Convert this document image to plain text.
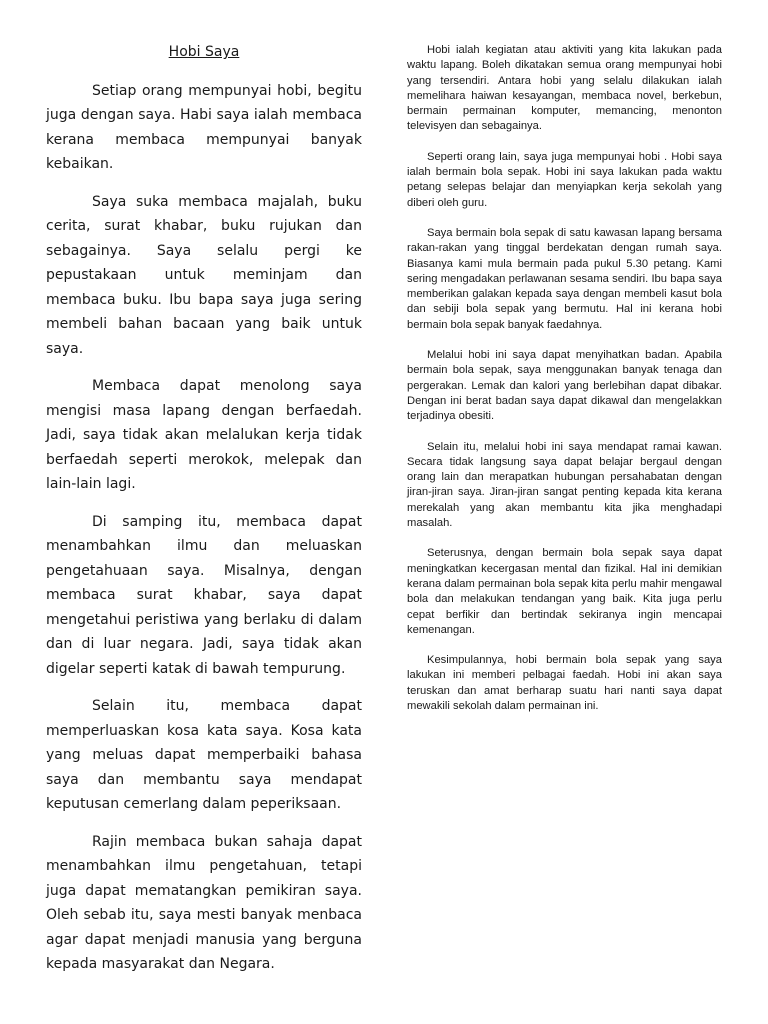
Hobi Saya

Setiap orang mempunyai hobi, begitu juga dengan saya. Habi saya ialah membaca kerana membaca mempunyai banyak kebaikan.

Saya suka membaca majalah, buku cerita, surat khabar, buku rujukan dan sebagainya. Saya selalu pergi ke pepustakaan untuk meminjam dan membaca buku. Ibu bapa saya juga sering membeli bahan bacaan yang baik untuk saya.

Membaca dapat menolong saya mengisi masa lapang dengan berfaedah. Jadi, saya tidak akan melalukan kerja tidak berfaedah seperti merokok, melepak dan lain-lain lagi.

Di samping itu, membaca dapat menambahkan ilmu dan meluaskan pengetahuaan saya. Misalnya, dengan membaca surat khabar, saya dapat mengetahui peristiwa yang berlaku di dalam dan di luar negara. Jadi, saya tidak akan digelar seperti katak di bawah tempurung.

Selain itu, membaca dapat memperluaskan kosa kata saya. Kosa kata yang meluas dapat memperbaiki bahasa saya dan membantu saya mendapat keputusan cemerlang dalam peperiksaan.

Rajin membaca bukan sahaja dapat menambahkan ilmu pengetahuan, tetapi juga dapat mematangkan pemikiran saya. Oleh sebab itu, saya mesti banyak menbaca agar dapat menjadi manusia yang berguna kepada masyarakat dan Negara.

Hobi ialah kegiatan atau aktiviti yang kita lakukan pada waktu lapang. Boleh dikatakan semua orang mempunyai hobi yang tersendiri. Antara hobi yang selalu dilakukan ialah memelihara haiwan kesayangan, membaca novel, berkebun, bermain permainan komputer, memancing, menonton televisyen dan sebagainya.

Seperti orang lain, saya juga mempunyai hobi . Hobi saya ialah bermain bola sepak. Hobi ini saya lakukan pada waktu petang selepas belajar dan menyiapkan kerja sekolah yang diberi oleh guru.

Saya bermain bola sepak di satu kawasan lapang bersama rakan-rakan yang tinggal berdekatan dengan rumah saya. Biasanya kami mula bermain pada pukul 5.30 petang. Kami sering mengadakan perlawanan sesama sendiri. Ibu bapa saya memberikan galakan kepada saya dengan membeli kasut bola dan sebiji bola sepak yang bermutu. Hal ini kerana hobi bermain bola sepak banyak faedahnya.

Melalui hobi ini saya dapat menyihatkan badan. Apabila bermain bola sepak, saya menggunakan banyak tenaga dan pergerakan. Lemak dan kalori yang berlebihan dapat dibakar. Dengan ini berat badan saya dapat dikawal dan mengelakkan terjadinya obesiti.

Selain itu, melalui hobi ini saya mendapat ramai kawan. Secara tidak langsung saya dapat belajar bergaul dengan orang lain dan merapatkan hubungan persahabatan dengan jiran-jiran saya. Jiran-jiran sangat penting kepada kita kerana merekalah yang akan membantu kita jika menghadapi masalah.

Seterusnya, dengan bermain bola sepak saya dapat meningkatkan kecergasan mental dan fizikal. Hal ini demikian kerana dalam permainan bola sepak kita perlu mahir mengawal bola dan melakukan tendangan yang baik. Kita juga perlu cepat berfikir dan bertindak sekiranya ingin mencapai kemenangan.

Kesimpulannya, hobi bermain bola sepak yang saya lakukan ini memberi pelbagai faedah. Hobi ini akan saya teruskan dan amat berharap suatu hari nanti saya dapat mewakili sekolah dalam permainan ini.
